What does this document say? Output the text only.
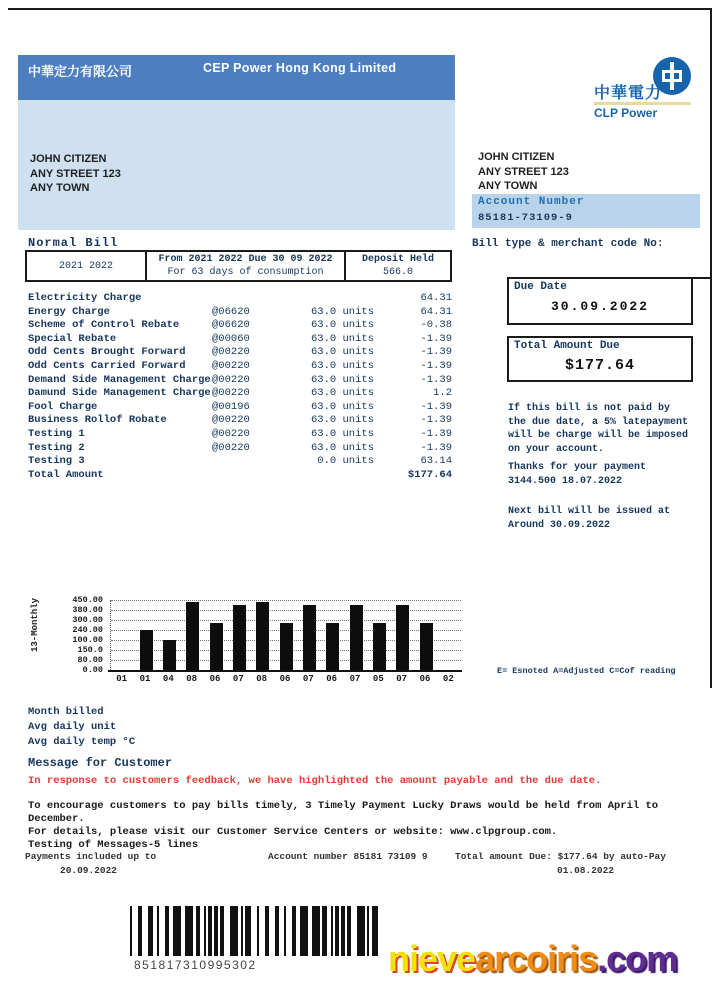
中華定力有限公司	CEP Power Hong Kong Limited
JOHN CITIZEN
ANY STREET 123
ANY TOWN
中華電力
CLP Power
JOHN CITIZEN
ANY STREET 123
ANY TOWN
Account Number
85181-73109-9
Bill type & merchant code No:
Normal Bill
2021 2022
From 2021 2022 Due 30 09 2022
For 63 days of consumption
Deposit Held
566.0
Electricity Charge	64.31
Energy Charge	@06620	63.0 units	64.31
Scheme of Control Rebate	@06620	63.0 units	-0.38
Special Rebate	@00060	63.0 units	-1.39
Odd Cents Brought Forward	@00220	63.0 units	-1.39
Odd Cents Carried Forward	@00220	63.0 units	-1.39
Demand Side Management Charge @00220	63.0 units	-1.39
Damund Side Management Charge @00220	63.0 units	1.2
Fool Charge	@00196	63.0 units	-1.39
Business Rollof Robate	@00220	63.0 units	-1.39
Testing 1	@00220	63.0 units	-1.39
Testing 2	@00220	63.0 units	-1.39
Testing 3	0.0 units	63.14
Total Amount	$177.64
Due Date
30.09.2022
Total Amount Due
$177.64
If this bill is not paid by
the due date, a 5% latepayment
will be charge will be imposed
on your account.
Thanks for your payment
3144.500 18.07.2022
Next bill will be issued at
Around 30.09.2022
13-Monthly	450.00
380.00
300.00
240.00
100.00
150.0
80.00
0.00
01 01 04 08 06 07 08 06 07 06 07 05 07 06 02
E= Esnoted A=Adjusted C=Cof reading
Month billed
Avg daily unit
Avg daily temp °C
Message for Customer
In response to customers feedback, we have highlighted the amount payable and the due date.
To encourage customers to pay bills timely, 3 Timely Payment Lucky Draws would be held from April to December.
For details, please visit our Customer Service Centers or website: www.clpgroup.com.
Testing of Messages-5 lines
Payments included up to
20.09.2022
Account number 85181 73109 9	Total amount Due: $177.64 by auto-Pay
01.08.2022
851817310995302	nievearcoiris.com
